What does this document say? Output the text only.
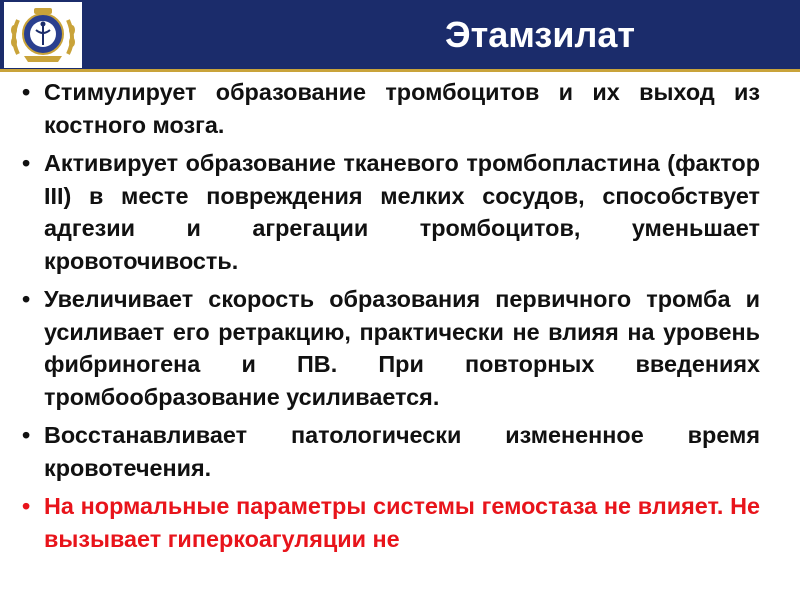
Этамзилат
• Стимулирует образование тромбоцитов и их выход из костного мозга.
• Активирует образование тканевого тромбопластина (фактор III) в месте повреждения мелких сосудов, способствует адгезии и агрегации тромбоцитов, уменьшает кровоточивость.
• Увеличивает скорость образования первичного тромба и усиливает его ретракцию, практически не влияя на уровень фибриногена и ПВ. При повторных введениях тромбообразование усиливается.
• Восстанавливает патологически измененное время кровотечения.
• На нормальные параметры системы гемостаза не влияет. Не вызывает гиперкоагуляции не
